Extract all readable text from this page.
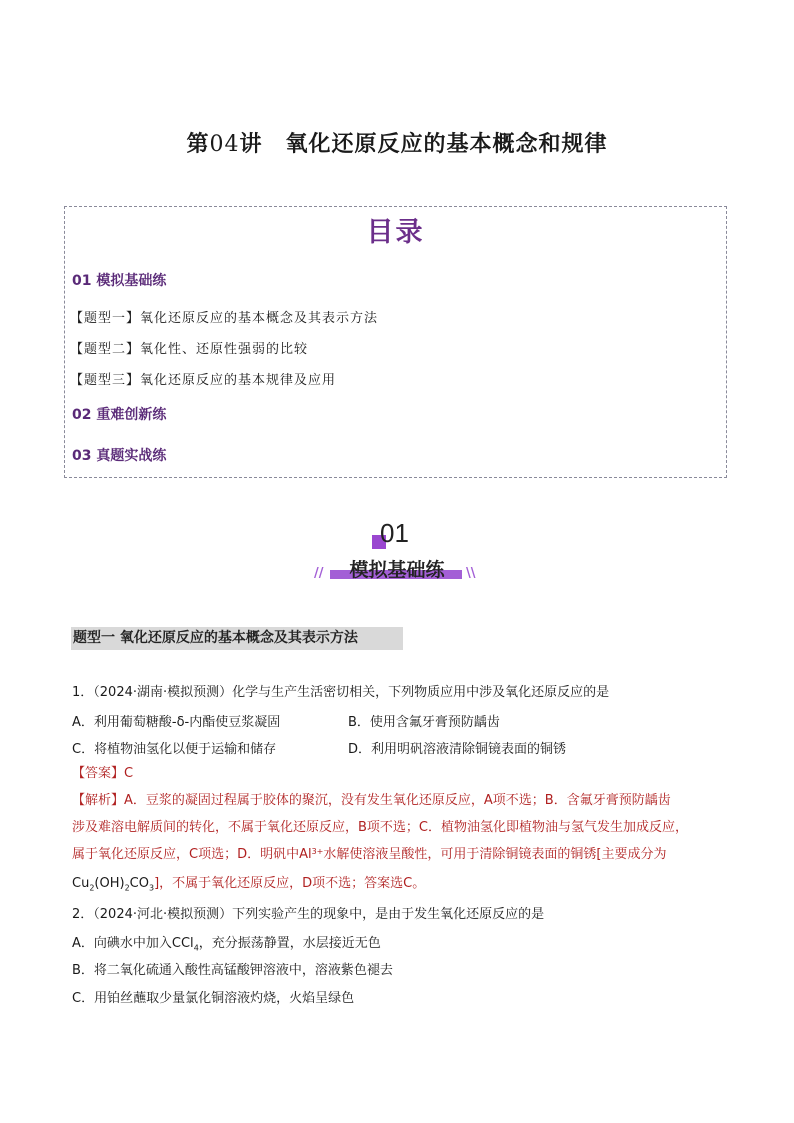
第04讲　氧化还原反应的基本概念和规律
目录
01 模拟基础练
【题型一】氧化还原反应的基本概念及其表示方法
【题型二】氧化性、还原性强弱的比较
【题型三】氧化还原反应的基本规律及应用
02 重难创新练
03 真题实战练
01
模拟基础练
//	\\
题型一 氧化还原反应的基本概念及其表示方法
1．（2024·湖南·模拟预测）化学与生产生活密切相关，下列物质应用中涉及氧化还原反应的是
A．利用葡萄糖酸-δ-内酯使豆浆凝固	B．使用含氟牙膏预防龋齿
C．将植物油氢化以便于运输和储存	D．利用明矾溶液清除铜镜表面的铜锈
【答案】C
【解析】A．豆浆的凝固过程属于胶体的聚沉，没有发生氧化还原反应，A项不选；B．含氟牙膏预防龋齿
涉及难溶电解质间的转化，不属于氧化还原反应，B项不选；C．植物油氢化即植物油与氢气发生加成反应，
属于氧化还原反应，C项选；D．明矾中$Al^{3+}$水解使溶液呈酸性，可用于清除铜镜表面的铜锈[主要成分为
$Cu_2(OH)_2CO_3$]，不属于氧化还原反应，D项不选；答案选C。
2．（2024·河北·模拟预测）下列实验产生的现象中，是由于发生氧化还原反应的是
A．向碘水中加入CCl$_4$，充分振荡静置，水层接近无色
B．将二氧化硫通入酸性高锰酸钾溶液中，溶液紫色褪去
C．用铂丝蘸取少量氯化铜溶液灼烧，火焰呈绿色
